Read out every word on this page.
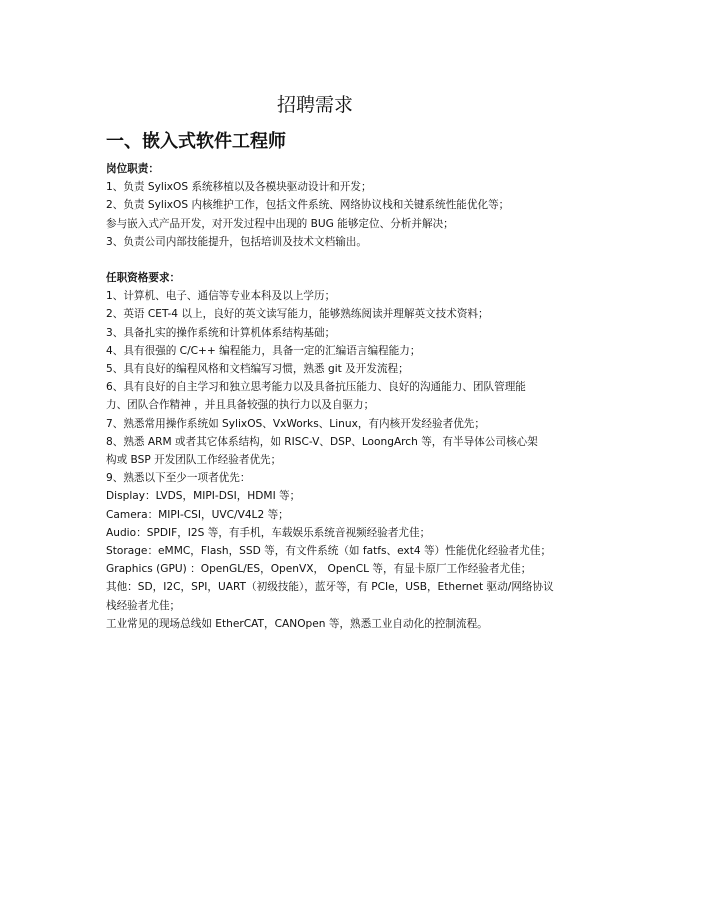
招聘需求
一、嵌入式软件工程师

岗位职责：

1、负责 SylixOS 系统移植以及各模块驱动设计和开发；

2、负责 SylixOS 内核维护工作，包括文件系统、网络协议栈和关键系统性能优化等；

参与嵌入式产品开发，对开发过程中出现的 BUG 能够定位、分析并解决；

3、负责公司内部技能提升，包括培训及技术文档输出。

任职资格要求：

1、计算机、电子、通信等专业本科及以上学历；

2、英语 CET-4 以上，良好的英文读写能力，能够熟练阅读并理解英文技术资料；

3、具备扎实的操作系统和计算机体系结构基础；

4、具有很强的 C/C++ 编程能力，具备一定的汇编语言编程能力；

5、具有良好的编程风格和文档编写习惯，熟悉 git 及开发流程；

6、具有良好的自主学习和独立思考能力以及具备抗压能力、良好的沟通能力、团队管理能

力、团队合作精神 ，并且具备较强的执行力以及自驱力；

7、熟悉常用操作系统如 SylixOS、VxWorks、Linux，有内核开发经验者优先；

8、熟悉 ARM 或者其它体系结构，如 RISC-V、DSP、LoongArch 等，有半导体公司核心架

构或 BSP 开发团队工作经验者优先；

9、熟悉以下至少一项者优先：

Display：LVDS，MIPI-DSI，HDMI 等；

Camera：MIPI-CSI，UVC/V4L2 等；

Audio：SPDIF，I2S 等，有手机，车载娱乐系统音视频经验者尤佳；

Storage：eMMC，Flash，SSD 等，有文件系统（如 fatfs、ext4 等）性能优化经验者尤佳；

Graphics (GPU) ：OpenGL/ES，OpenVX， OpenCL 等，有显卡原厂工作经验者尤佳；

其他：SD，I2C，SPI，UART（初级技能），蓝牙等，有 PCIe，USB，Ethernet 驱动/网络协议

栈经验者尤佳；

工业常见的现场总线如 EtherCAT，CANOpen 等，熟悉工业自动化的控制流程。
